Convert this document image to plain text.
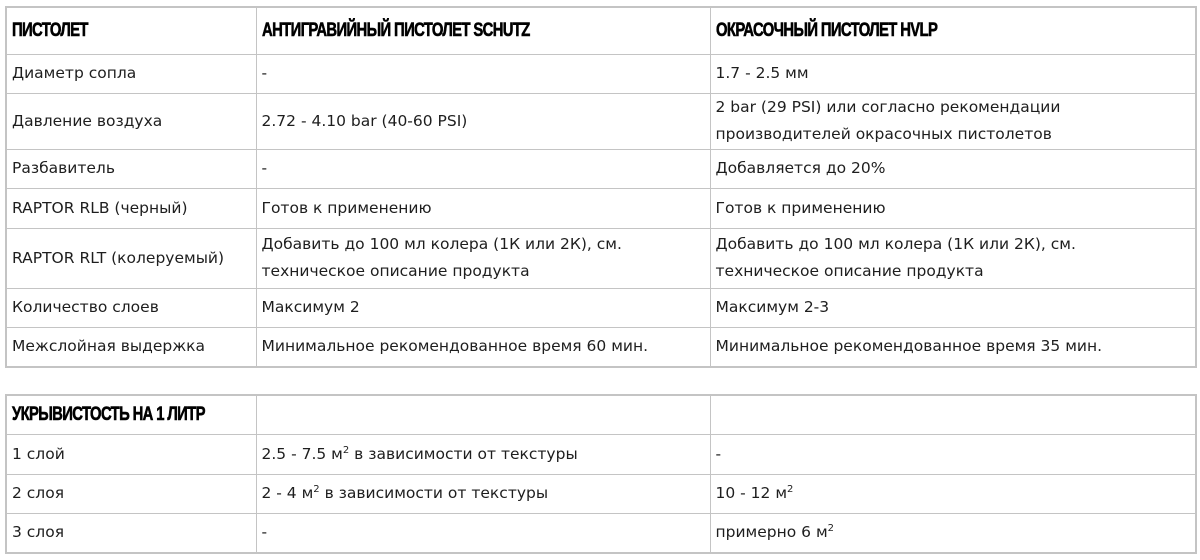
ПИСТОЛЕТ	АНТИГРАВИЙНЫЙ ПИСТОЛЕТ SCHUTZ	ОКРАСОЧНЫЙ ПИСТОЛЕТ HVLP
Диаметр сопла	-	1.7 - 2.5 мм
Давление воздуха	2.72 - 4.10 bar (40-60 PSI)	2 bar (29 PSI) или согласно рекомендации производителей окрасочных пистолетов
Разбавитель	-	Добавляется до 20%
RAPTOR RLB (черный)	Готов к применению	Готов к применению
RAPTOR RLT (колеруемый)	Добавить до 100 мл колера (1К или 2К), см. техническое описание продукта	Добавить до 100 мл колера (1К или 2К), см. техническое описание продукта
Количество слоев	Максимум 2	Максимум 2-3
Межслойная выдержка	Минимальное рекомендованное время 60 мин.	Минимальное рекомендованное время 35 мин.
УКРЫВИСТОСТЬ НА 1 ЛИТР		
1 слой	2.5 - 7.5 $м^2$ в зависимости от текстуры	-
2 слоя	2 - 4 $м^2$ в зависимости от текстуры	10 - 12 $м^2$
3 слоя	-	примерно 6 $м^2$
